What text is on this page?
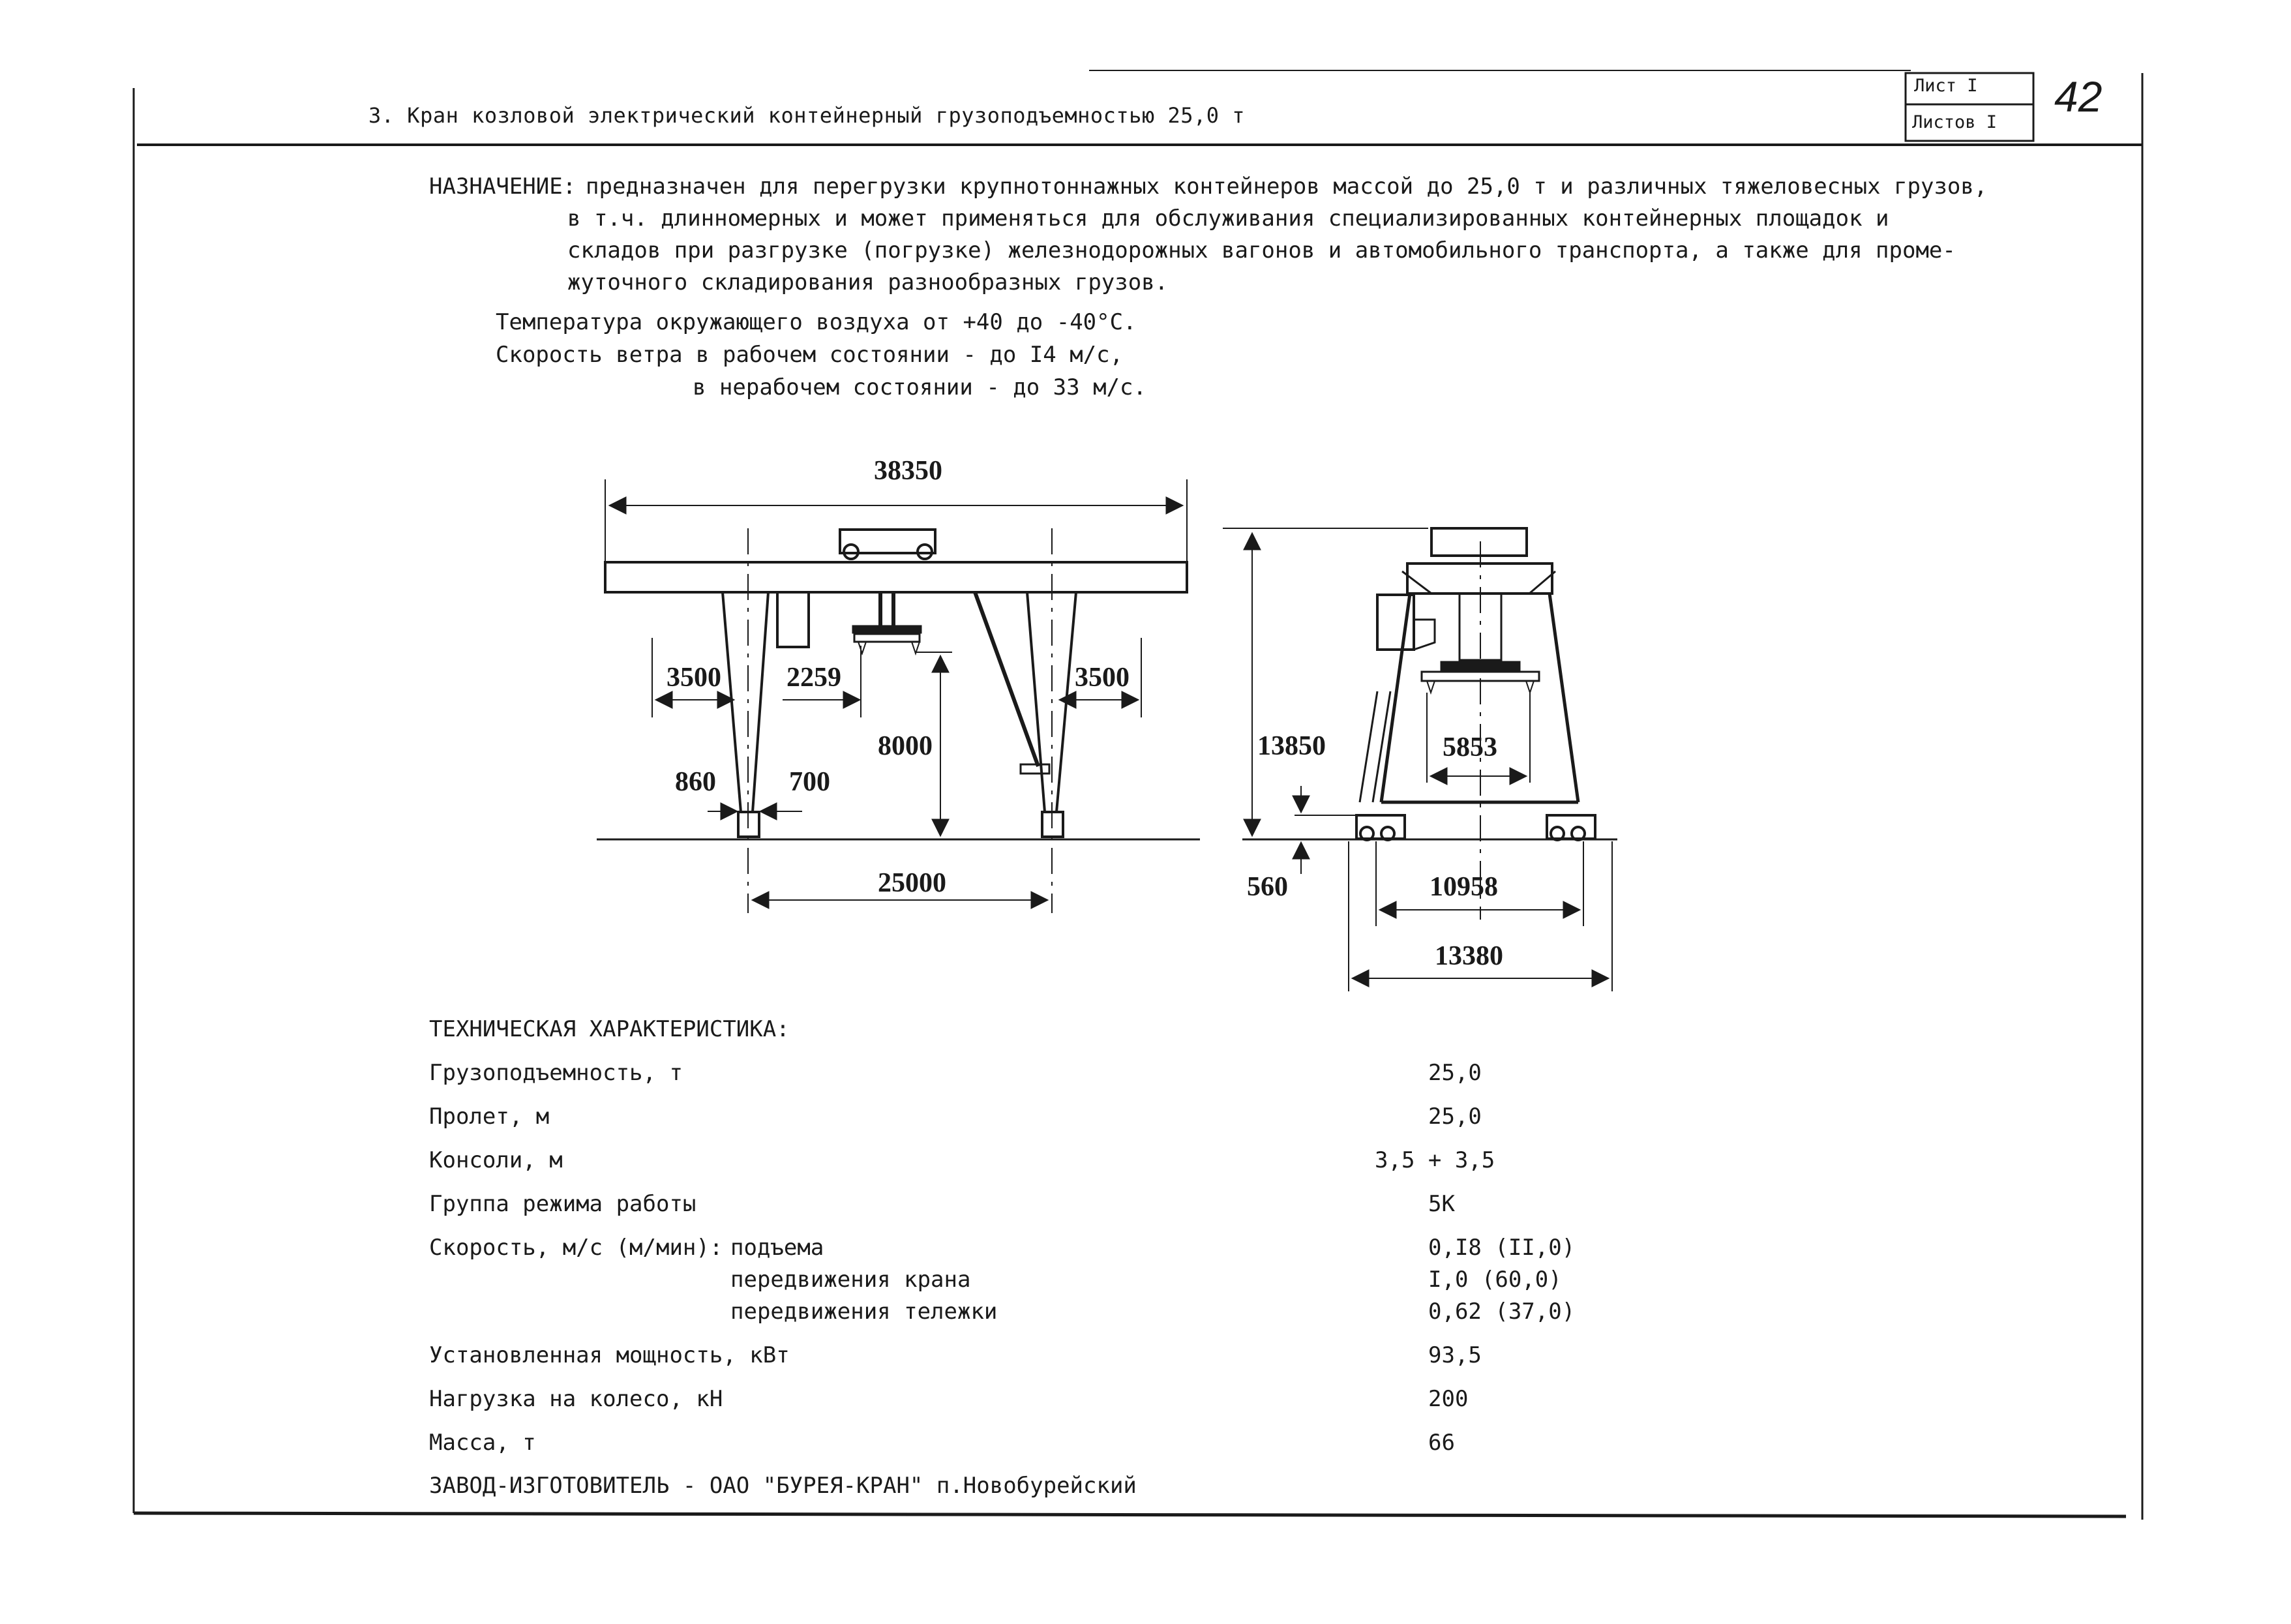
3. Кран козловой электрический контейнерный грузоподъемностью 25,0 т
Лист I
Листов I
42
НАЗНАЧЕНИЕ: предназначен для перегрузки крупнотоннажных контейнеров массой до 25,0 т и различных тяжеловесных грузов,
в т.ч. длинномерных и может применяться для обслуживания специализированных контейнерных площадок и
складов при разгрузке (погрузке) железнодорожных вагонов и автомобильного транспорта, а также для проме-
жуточного складирования разнообразных грузов.
Температура окружающего воздуха от +40 до -40°С.
Скорость ветра в рабочем состоянии - до I4 м/с,
в нерабочем состоянии - до 33 м/с.
38350
3500 2259	3500
8000
860	700
25000
13850	5853
560	10958
13380
ТЕХНИЧЕСКАЯ ХАРАКТЕРИСТИКА:
Грузоподъемность, т	25,0
Пролет, м	25,0
Консоли, м	3,5 + 3,5
Группа режима работы	5К
Скорость, м/с (м/мин): подъема	0,I8 (II,0)
передвижения крана	I,0 (60,0)
передвижения тележки	0,62 (37,0)
Установленная мощность, кВт	93,5
Нагрузка на колесо, кН	200
Масса, т	66
ЗАВОД-ИЗГОТОВИТЕЛЬ - ОАО "БУРЕЯ-КРАН" п.Новобурейский
